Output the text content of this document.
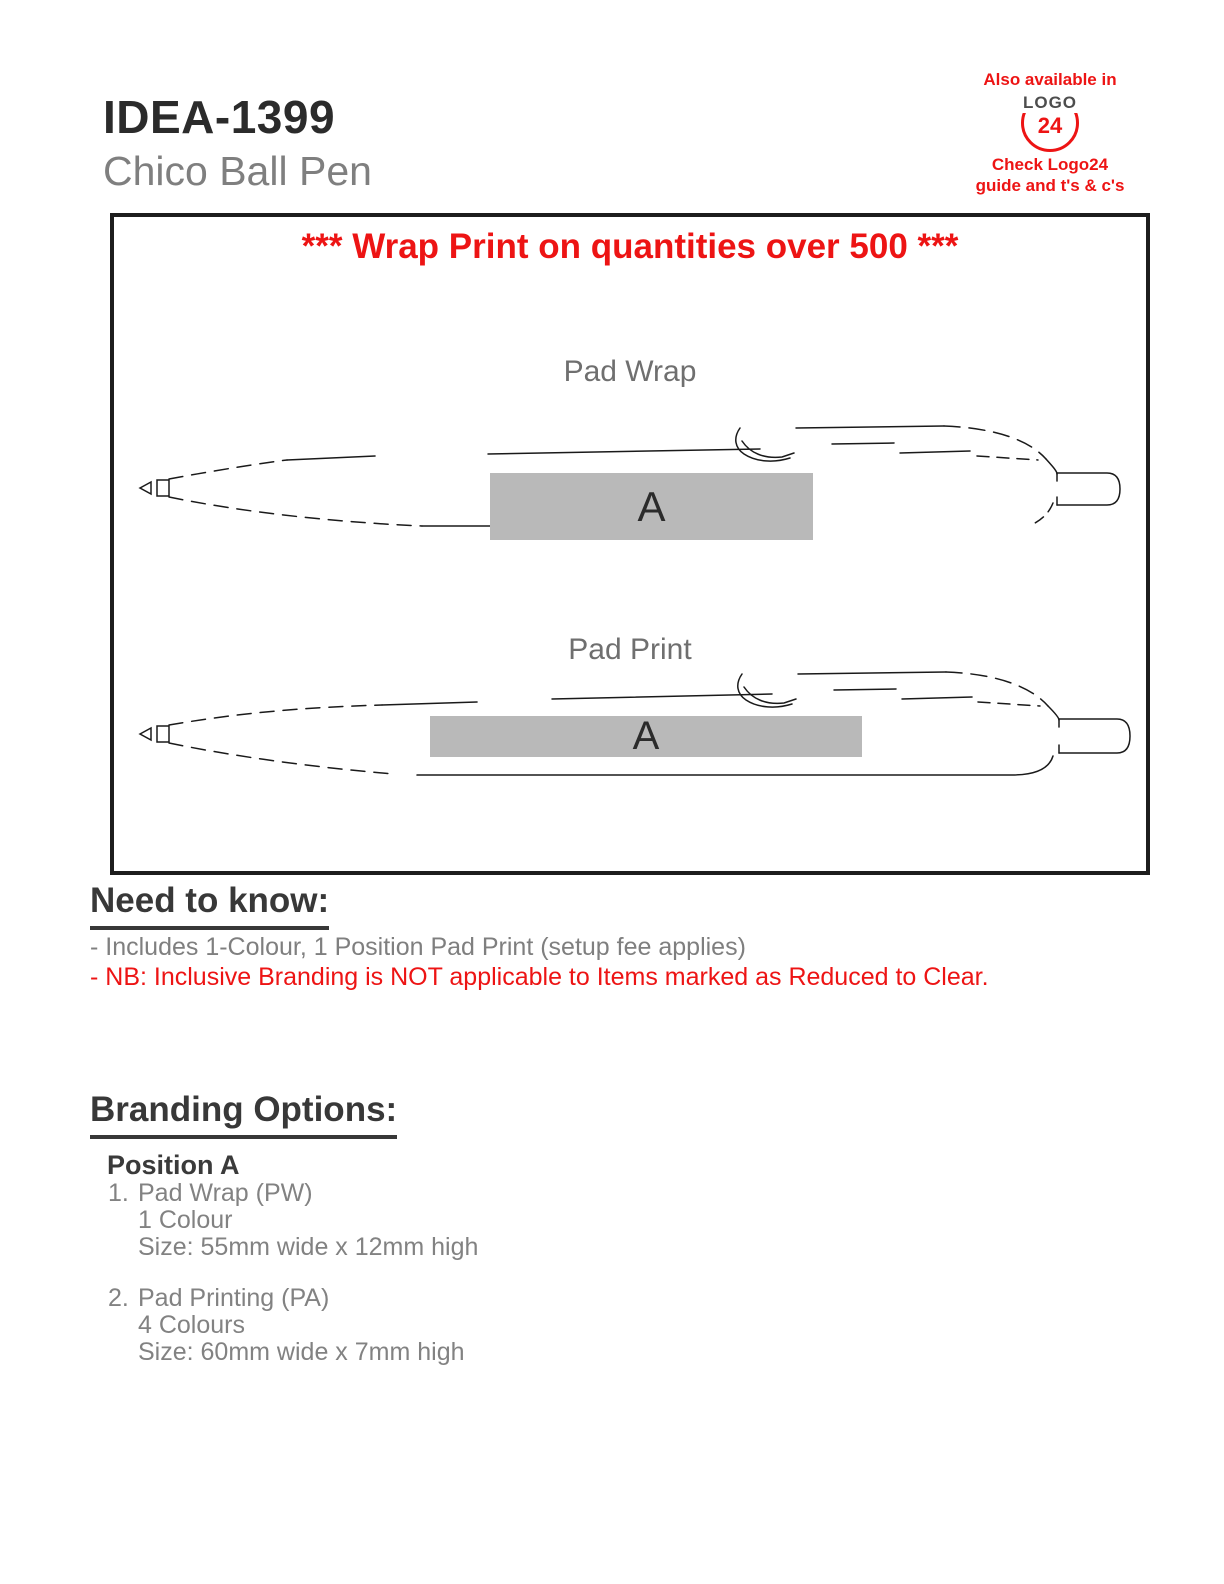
IDEA-1399
Chico Ball Pen
Also available in
LOGO
24
Check Logo24
guide and t's & c's
*** Wrap Print on quantities over 500 ***
Pad Wrap
A
Pad Print
A
Need to know:
- Includes 1-Colour, 1 Position Pad Print (setup fee applies)
- NB: Inclusive Branding is NOT applicable to Items marked as Reduced to Clear.
Branding Options:
Position A
1. Pad Wrap (PW)
1 Colour
Size: 55mm wide x 12mm high
2. Pad Printing (PA)
4 Colours
Size: 60mm wide x 7mm high
